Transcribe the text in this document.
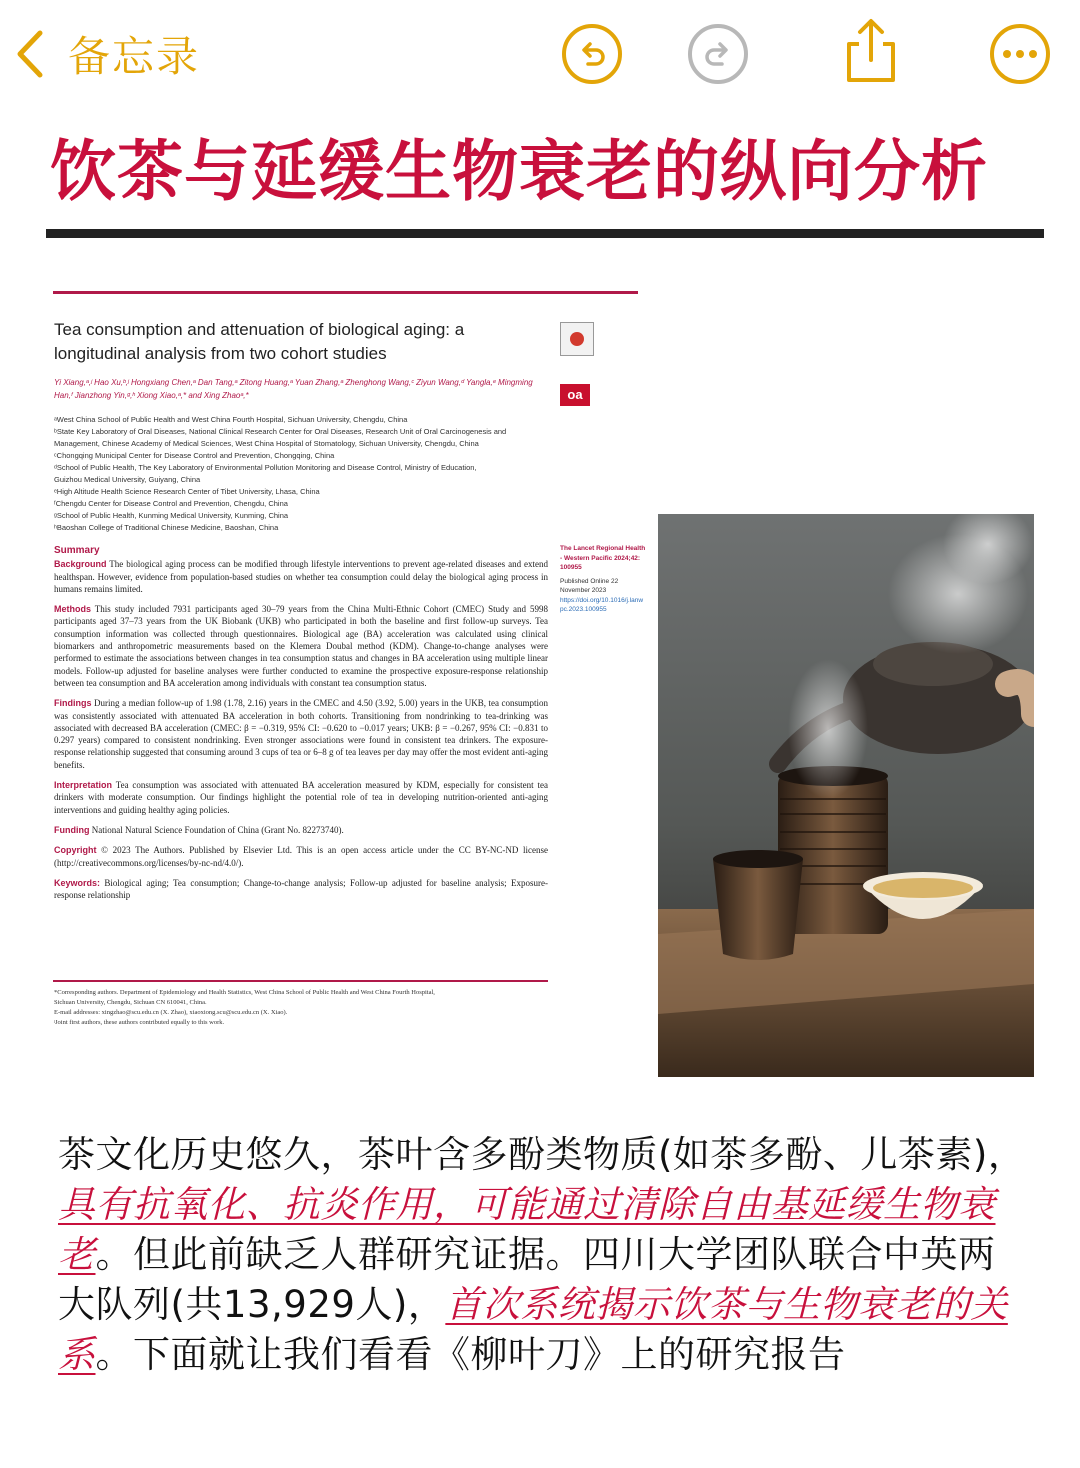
备忘录
饮茶与延缓生物衰老的纵向分析
Tea consumption and attenuation of biological aging: a longitudinal analysis from two cohort studies
oa
Yi Xiang,ᵃ,ʲ Hao Xu,ᵇ,ʲ Hongxiang Chen,ᵃ Dan Tang,ᵃ Zitong Huang,ᵃ Yuan Zhang,ᵃ Zhenghong Wang,ᶜ Ziyun Wang,ᵈ Yangla,ᵉ Mingming Han,ᶠ Jianzhong Yin,ᵍ,ʰ Xiong Xiao,ᵃ,* and Xing Zhaoᵃ,*
ᵃWest China School of Public Health and West China Fourth Hospital, Sichuan University, Chengdu, China
ᵇState Key Laboratory of Oral Diseases, National Clinical Research Center for Oral Diseases, Research Unit of Oral Carcinogenesis and
Management, Chinese Academy of Medical Sciences, West China Hospital of Stomatology, Sichuan University, Chengdu, China
ᶜChongqing Municipal Center for Disease Control and Prevention, Chongqing, China
ᵈSchool of Public Health, The Key Laboratory of Environmental Pollution Monitoring and Disease Control, Ministry of Education,
Guizhou Medical University, Guiyang, China
ᵉHigh Altitude Health Science Research Center of Tibet University, Lhasa, China
ᶠChengdu Center for Disease Control and Prevention, Chengdu, China
ᵍSchool of Public Health, Kunming Medical University, Kunming, China
ʰBaoshan College of Traditional Chinese Medicine, Baoshan, China
Summary
Background The biological aging process can be modified through lifestyle interventions to prevent age-related diseases and extend healthspan. However, evidence from population-based studies on whether tea consumption could delay the biological aging process in humans remains limited.
Methods This study included 7931 participants aged 30–79 years from the China Multi-Ethnic Cohort (CMEC) Study and 5998 participants aged 37–73 years from the UK Biobank (UKB) who participated in both the baseline and first follow-up surveys. Tea consumption information was collected through questionnaires. Biological age (BA) acceleration was calculated using clinical biomarkers and anthropometric measurements based on the Klemera Doubal method (KDM). Change-to-change analyses were performed to estimate the associations between changes in tea consumption status and changes in BA acceleration using multiple linear models. Follow-up adjusted for baseline analyses were further conducted to examine the prospective exposure-response relationship between tea consumption and BA acceleration among individuals with constant tea consumption status.
Findings During a median follow-up of 1.98 (1.78, 2.16) years in the CMEC and 4.50 (3.92, 5.00) years in the UKB, tea consumption was consistently associated with attenuated BA acceleration in both cohorts. Transitioning from nondrinking to tea-drinking was associated with decreased BA acceleration (CMEC: β = −0.319, 95% CI: −0.620 to −0.017 years; UKB: β = −0.267, 95% CI: −0.831 to 0.297 years) compared to consistent nondrinking. Even stronger associations were found in consistent tea drinkers. The exposure-response relationship suggested that consuming around 3 cups of tea or 6–8 g of tea leaves per day may offer the most evident anti-aging benefits.
Interpretation Tea consumption was associated with attenuated BA acceleration measured by KDM, especially for consistent tea drinkers with moderate consumption. Our findings highlight the potential role of tea in developing nutrition-oriented anti-aging interventions and guiding healthy aging policies.
Funding National Natural Science Foundation of China (Grant No. 82273740).
Copyright © 2023 The Authors. Published by Elsevier Ltd. This is an open access article under the CC BY-NC-ND license (http://creativecommons.org/licenses/by-nc-nd/4.0/).
Keywords: Biological aging; Tea consumption; Change-to-change analysis; Follow-up adjusted for baseline analysis; Exposure-response relationship
The Lancet Regional Health - Western Pacific 2024;42: 100955
Published Online 22 November 2023
https://doi.org/10.1016/j.lanwpc.2023.100955
*Corresponding authors. Department of Epidemiology and Health Statistics, West China School of Public Health and West China Fourth Hospital,
Sichuan University, Chengdu, Sichuan CN 610041, China.
E-mail addresses: xingzhao@scu.edu.cn (X. Zhao), xiaoxiong.scu@scu.edu.cn (X. Xiao).
ʲJoint first authors, these authors contributed equally to this work.
茶文化历史悠久，茶叶含多酚类物质(如茶多酚、儿茶素)，具有抗氧化、抗炎作用，可能通过清除自由基延缓生物衰老。但此前缺乏人群研究证据。四川大学团队联合中英两大队列(共13,929人)，首次系统揭示饮茶与生物衰老的关系。下面就让我们看看《柳叶刀》上的研究报告
